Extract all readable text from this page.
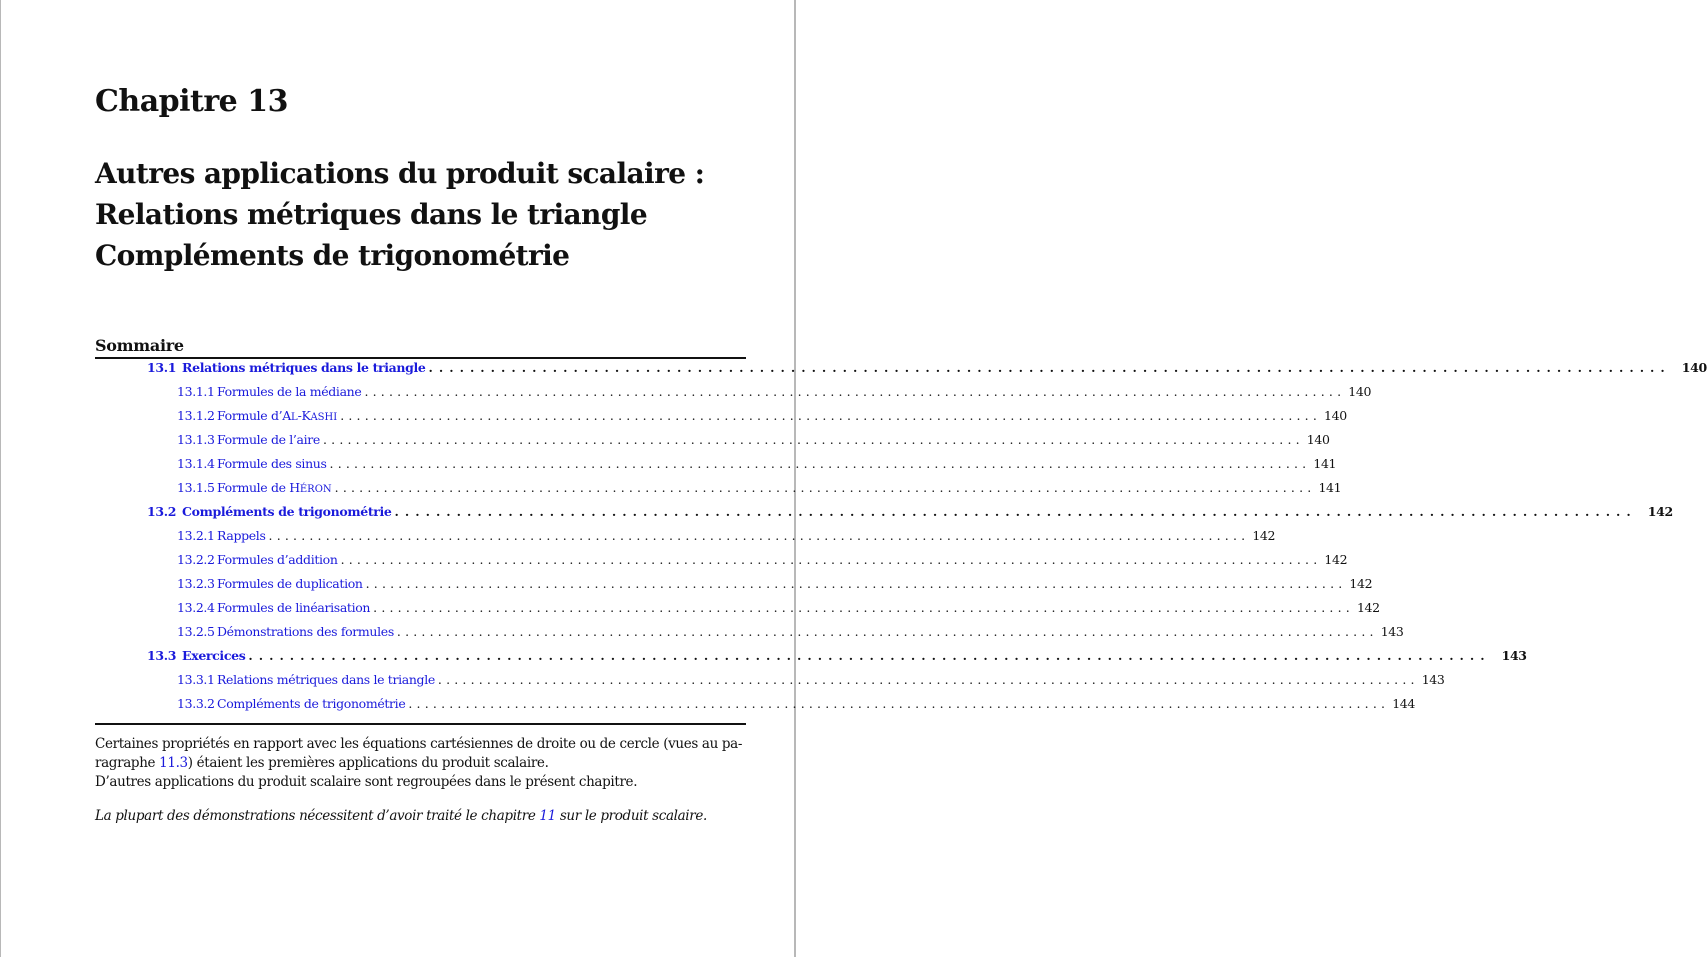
Chapitre 13
Autres applications du produit scalaire :
Relations métriques dans le triangle
Compléments de trigonométrie
Sommaire
13.1 Relations métriques dans le triangle ........................................................................................................................ 140
13.1.1 Formules de la médiane ........................................................................................................................ 140
13.1.2 Formule d’AL-KASHI ........................................................................................................................ 140
13.1.3 Formule de l’aire ........................................................................................................................ 140
13.1.4 Formule des sinus ........................................................................................................................ 141
13.1.5 Formule de HÉRON ........................................................................................................................ 141
13.2 Compléments de trigonométrie ........................................................................................................................ 142
13.2.1 Rappels ........................................................................................................................ 142
13.2.2 Formules d’addition ........................................................................................................................ 142
13.2.3 Formules de duplication ........................................................................................................................ 142
13.2.4 Formules de linéarisation ........................................................................................................................ 142
13.2.5 Démonstrations des formules ........................................................................................................................ 143
13.3 Exercices ........................................................................................................................ 143
13.3.1 Relations métriques dans le triangle ........................................................................................................................ 143
13.3.2 Compléments de trigonométrie ........................................................................................................................ 144

Certaines propriétés en rapport avec les équations cartésiennes de droite ou de cercle (vues au pa-

ragraphe 11.3) étaient les premières applications du produit scalaire.

D’autres applications du produit scalaire sont regroupées dans le présent chapitre.

La plupart des démonstrations nécessitent d’avoir traité le chapitre 11 sur le produit scalaire.
